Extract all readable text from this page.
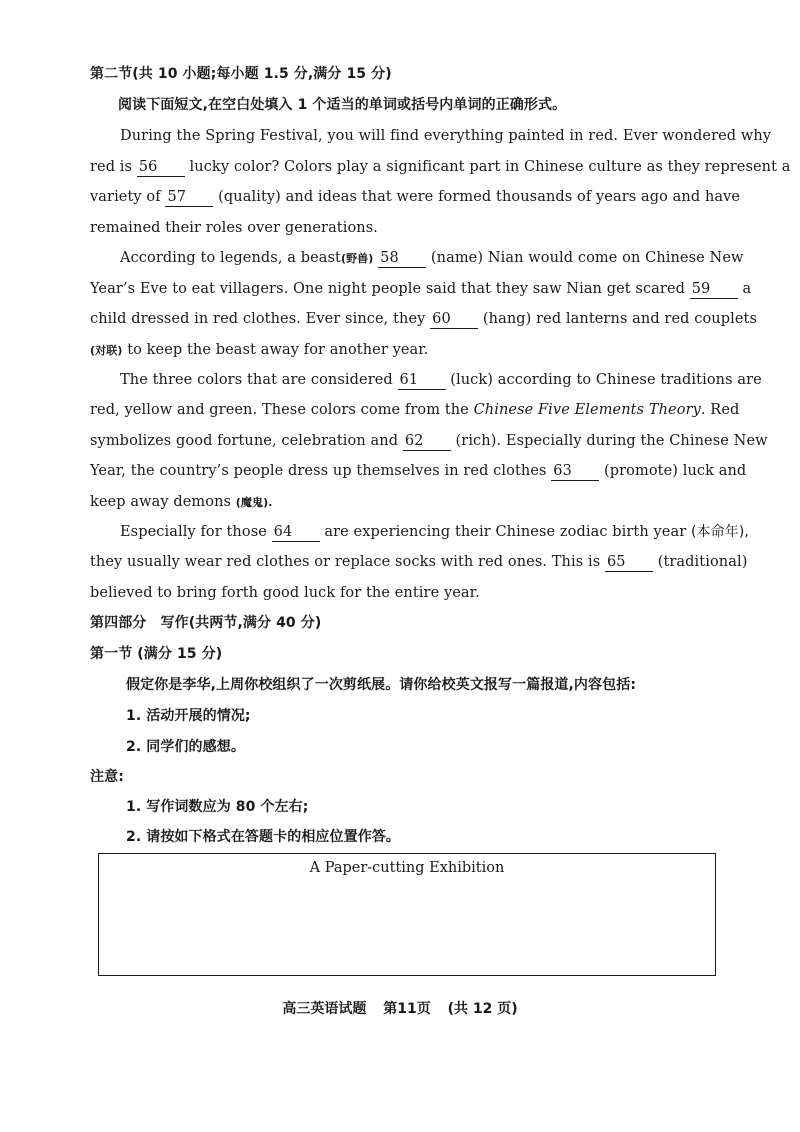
第二节(共 10 小题;每小题 1.5 分,满分 15 分)
阅读下面短文,在空白处填入 1 个适当的单词或括号内单词的正确形式。
During the Spring Festival, you will find everything painted in red. Ever wondered why
red is 56 lucky color? Colors play a significant part in Chinese culture as they represent a
variety of 57 (quality) and ideas that were formed thousands of years ago and have
remained their roles over generations.
According to legends, a beast(野兽) 58 (name) Nian would come on Chinese New
Year’s Eve to eat villagers. One night people said that they saw Nian get scared 59 a
child dressed in red clothes. Ever since, they 60 (hang) red lanterns and red couplets
(对联) to keep the beast away for another year.
The three colors that are considered 61 (luck) according to Chinese traditions are
red, yellow and green. These colors come from the Chinese Five Elements Theory. Red
symbolizes good fortune, celebration and 62 (rich). Especially during the Chinese New
Year, the country’s people dress up themselves in red clothes 63 (promote) luck and
keep away demons (魔鬼).
Especially for those 64 are experiencing their Chinese zodiac birth year (本命年),
they usually wear red clothes or replace socks with red ones. This is 65 (traditional)
believed to bring forth good luck for the entire year.
第四部分　写作(共两节,满分 40 分)
第一节 (满分 15 分)
假定你是李华,上周你校组织了一次剪纸展。请你给校英文报写一篇报道,内容包括:
1. 活动开展的情况;
2. 同学们的感想。
注意:
1. 写作词数应为 80 个左右;
2. 请按如下格式在答题卡的相应位置作答。
A Paper-cutting Exhibition
高三英语试题 第11页 (共 12 页)
